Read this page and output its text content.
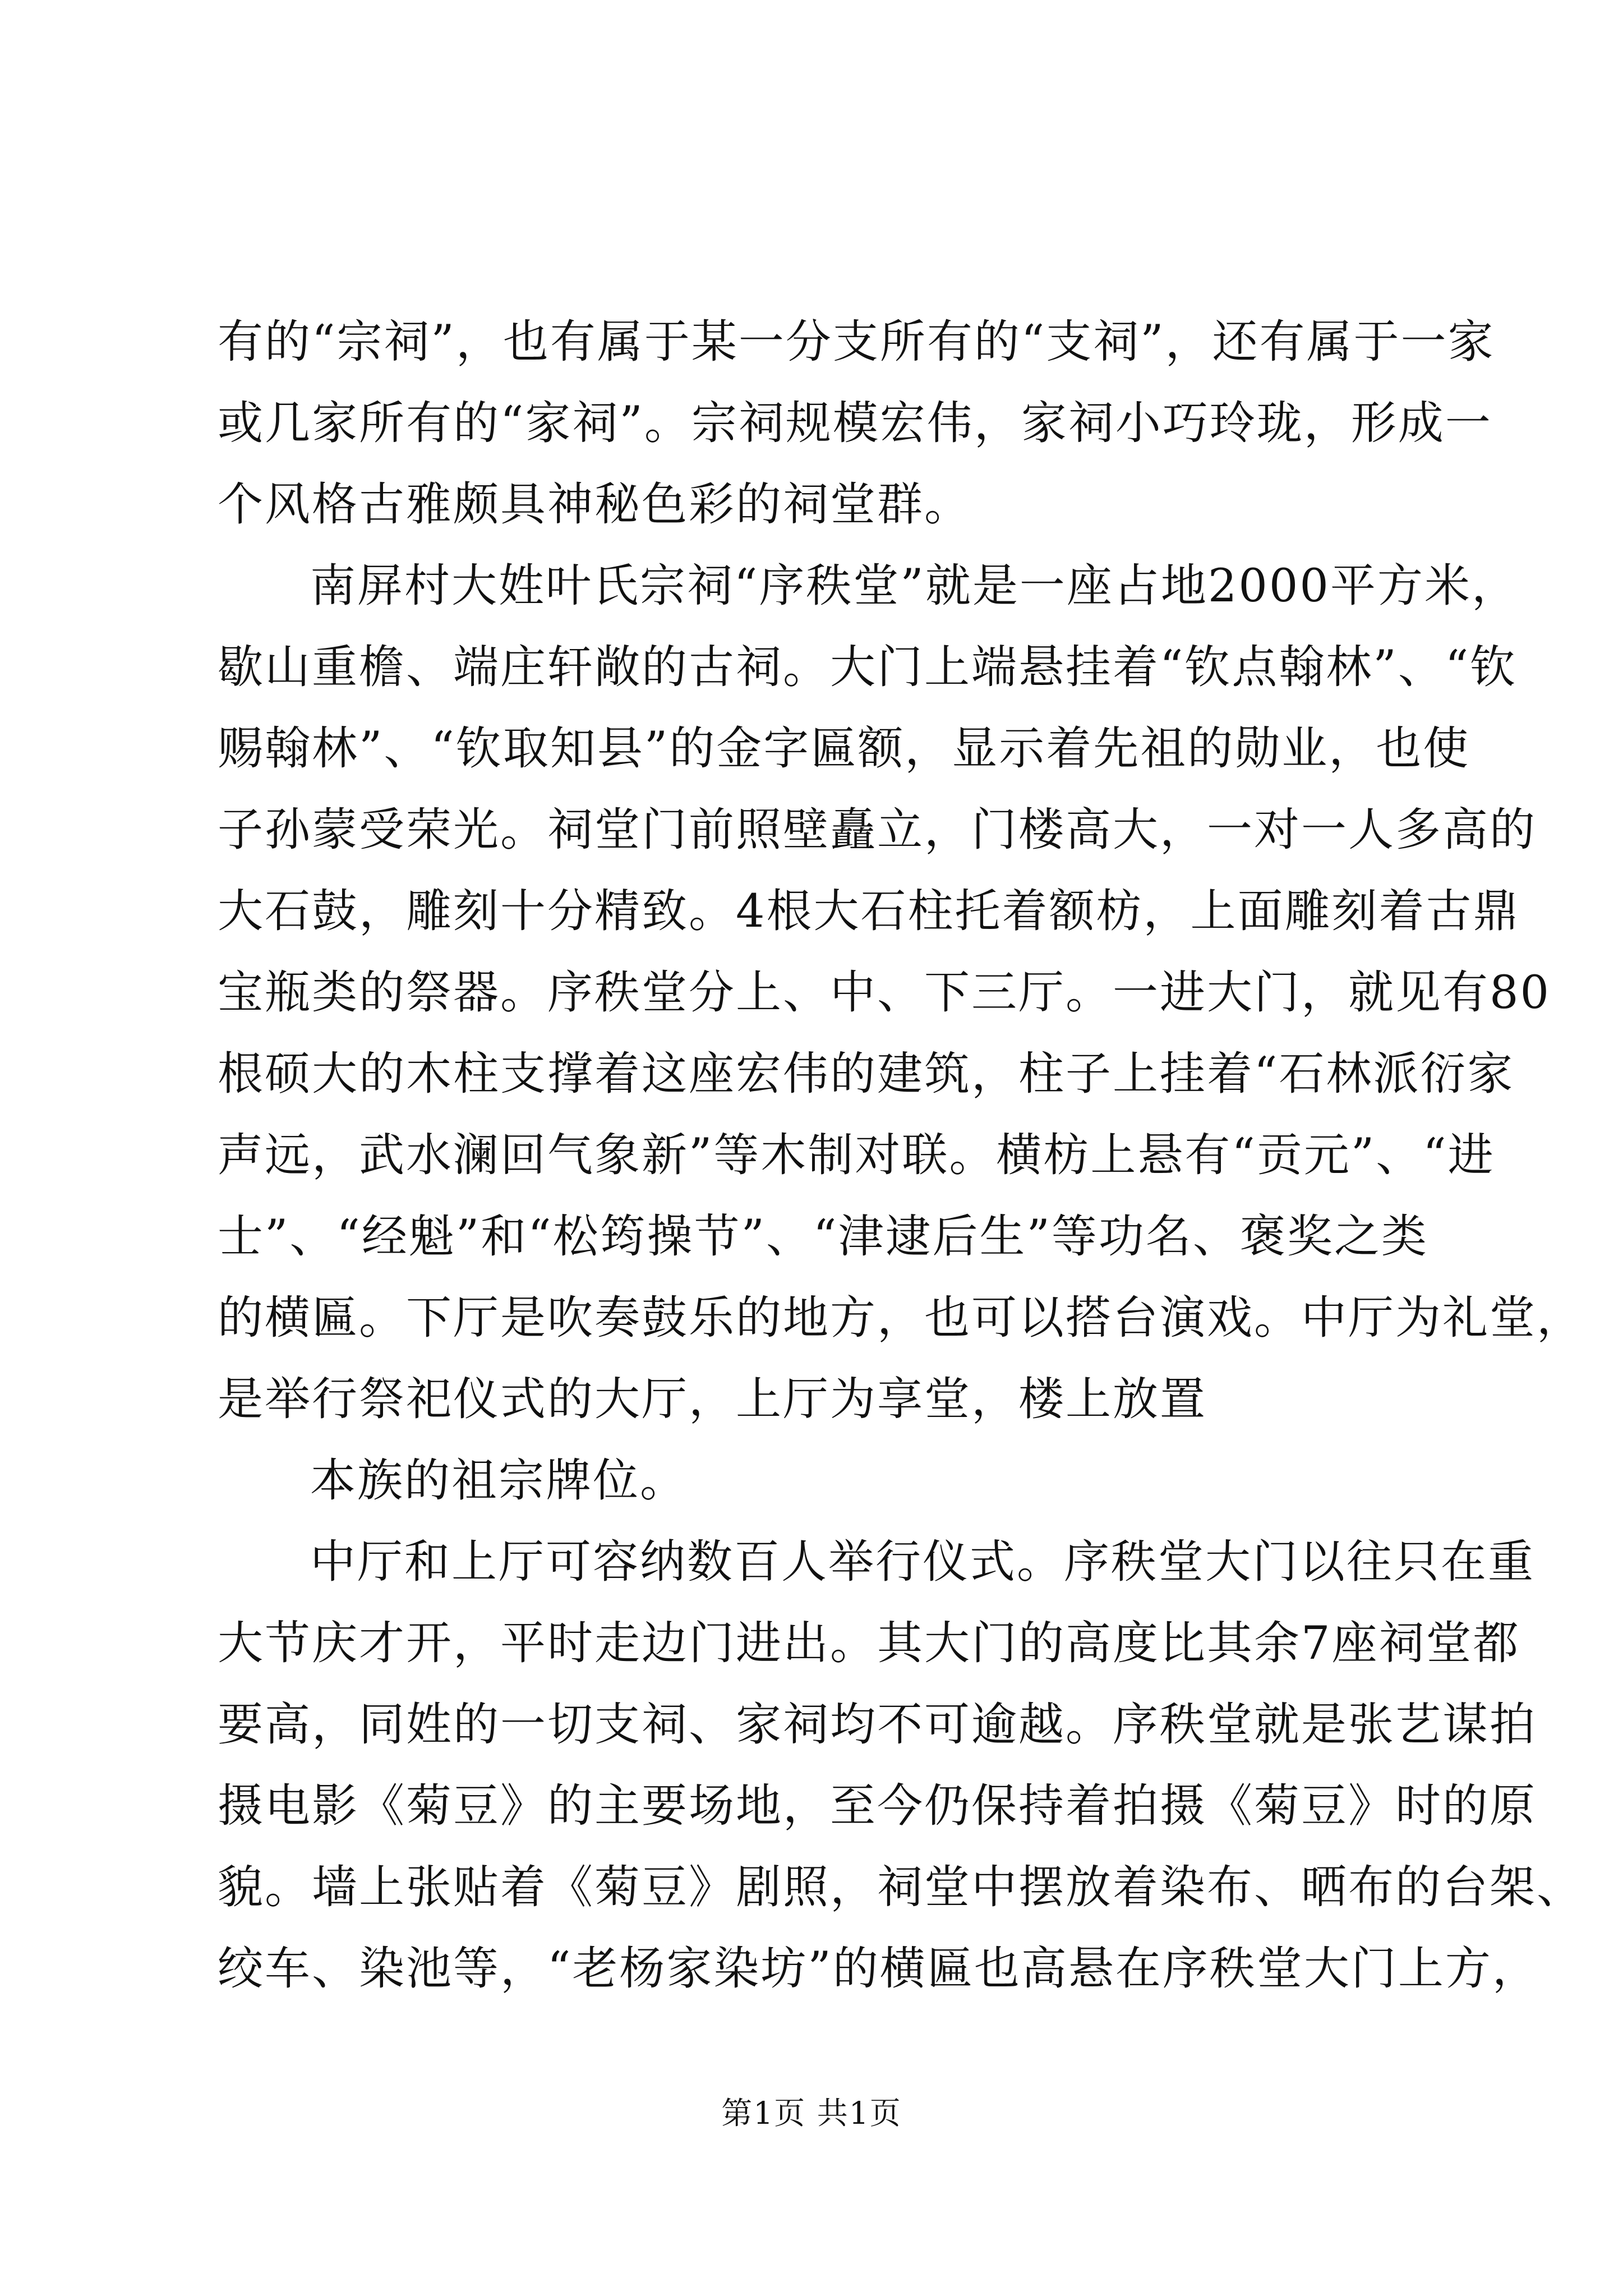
有的“宗祠”，也有属于某一分支所有的“支祠”，还有属于一家
或几家所有的“家祠”。宗祠规模宏伟，家祠小巧玲珑，形成一
个风格古雅颇具神秘色彩的祠堂群。
南屏村大姓叶氏宗祠“序秩堂”就是一座占地2000平方米，
歇山重檐、端庄轩敞的古祠。大门上端悬挂着“钦点翰林”、“钦
赐翰林”、“钦取知县”的金字匾额，显示着先祖的勋业，也使
子孙蒙受荣光。祠堂门前照壁矗立，门楼高大，一对一人多高的
大石鼓，雕刻十分精致。4根大石柱托着额枋，上面雕刻着古鼎
宝瓶类的祭器。序秩堂分上、中、下三厅。一进大门，就见有80
根硕大的木柱支撑着这座宏伟的建筑，柱子上挂着“石林派衍家
声远，武水澜回气象新”等木制对联。横枋上悬有“贡元”、“进
士”、“经魁”和“松筠操节”、“津逮后生”等功名、褒奖之类
的横匾。下厅是吹奏鼓乐的地方，也可以搭台演戏。中厅为礼堂，
是举行祭祀仪式的大厅，上厅为享堂，楼上放置
本族的祖宗牌位。
中厅和上厅可容纳数百人举行仪式。序秩堂大门以往只在重
大节庆才开，平时走边门进出。其大门的高度比其余7座祠堂都
要高，同姓的一切支祠、家祠均不可逾越。序秩堂就是张艺谋拍
摄电影《菊豆》的主要场地，至今仍保持着拍摄《菊豆》时的原
貌。墙上张贴着《菊豆》剧照，祠堂中摆放着染布、晒布的台架、
绞车、染池等，“老杨家染坊”的横匾也高悬在序秩堂大门上方，
第1页 共1页
